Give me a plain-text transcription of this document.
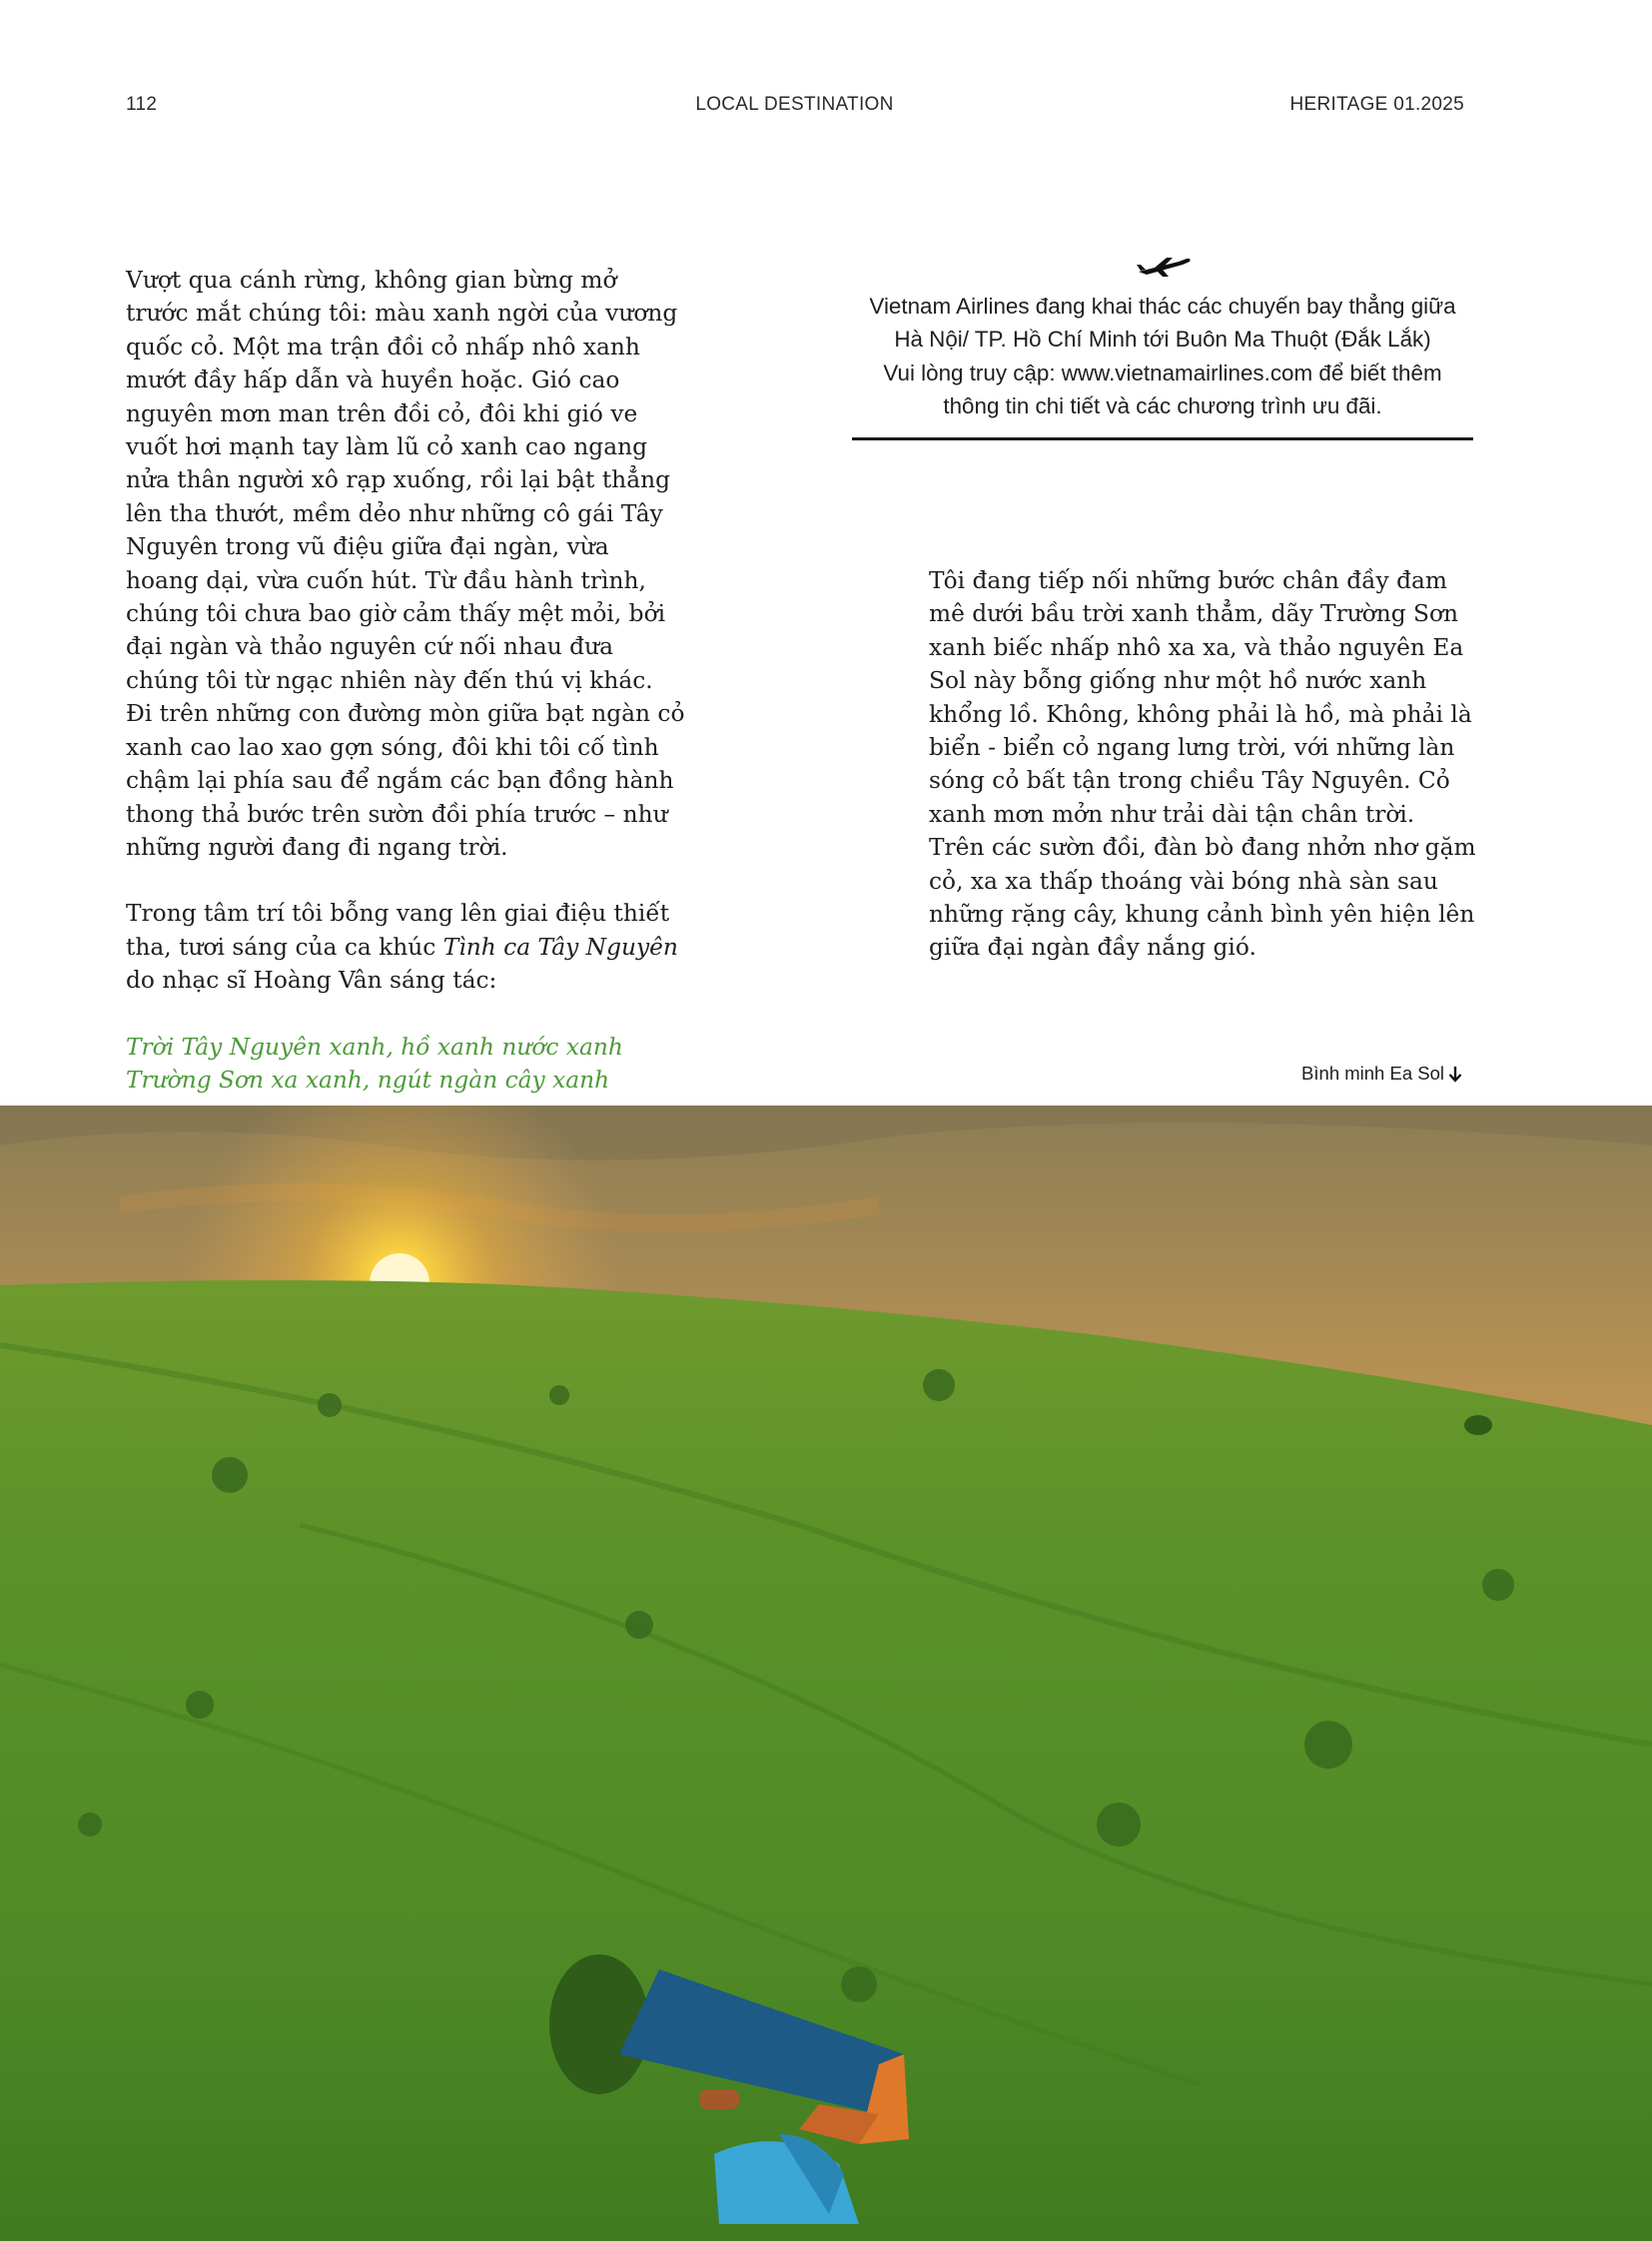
112	LOCAL DESTINATION	HERITAGE 01.2025

Vượt qua cánh rừng, không gian bừng mở trước mắt chúng tôi: màu xanh ngời của vương quốc cỏ. Một ma trận đồi cỏ nhấp nhô xanh mướt đầy hấp dẫn và huyền hoặc. Gió cao nguyên mơn man trên đồi cỏ, đôi khi gió ve vuốt hơi mạnh tay làm lũ cỏ xanh cao ngang nửa thân người xô rạp xuống, rồi lại bật thẳng lên tha thướt, mềm dẻo như những cô gái Tây Nguyên trong vũ điệu giữa đại ngàn, vừa hoang dại, vừa cuốn hút. Từ đầu hành trình, chúng tôi chưa bao giờ cảm thấy mệt mỏi, bởi đại ngàn và thảo nguyên cứ nối nhau đưa chúng tôi từ ngạc nhiên này đến thú vị khác. Đi trên những con đường mòn giữa bạt ngàn cỏ xanh cao lao xao gợn sóng, đôi khi tôi cố tình chậm lại phía sau để ngắm các bạn đồng hành thong thả bước trên sườn đồi phía trước – như những người đang đi ngang trời.

Trong tâm trí tôi bỗng vang lên giai điệu thiết tha, tươi sáng của ca khúc Tình ca Tây Nguyên do nhạc sĩ Hoàng Vân sáng tác:

Trời Tây Nguyên xanh, hồ xanh nước xanh
Trường Sơn xa xanh, ngút ngàn cây xanh
Vietnam Airlines đang khai thác các chuyến bay thẳng giữa
Hà Nội/ TP. Hồ Chí Minh tới Buôn Ma Thuột (Đắk Lắk)
Vui lòng truy cập: www.vietnamairlines.com để biết thêm
thông tin chi tiết và các chương trình ưu đãi.

Tôi đang tiếp nối những bước chân đầy đam mê dưới bầu trời xanh thẳm, dãy Trường Sơn xanh biếc nhấp nhô xa xa, và thảo nguyên Ea Sol này bỗng giống như một hồ nước xanh khổng lồ. Không, không phải là hồ, mà phải là biển - biển cỏ ngang lưng trời, với những làn sóng cỏ bất tận trong chiều Tây Nguyên. Cỏ xanh mơn mởn như trải dài tận chân trời. Trên các sườn đồi, đàn bò đang nhởn nhơ gặm cỏ, xa xa thấp thoáng vài bóng nhà sàn sau những rặng cây, khung cảnh bình yên hiện lên giữa đại ngàn đầy nắng gió.

Bình minh Ea Sol
